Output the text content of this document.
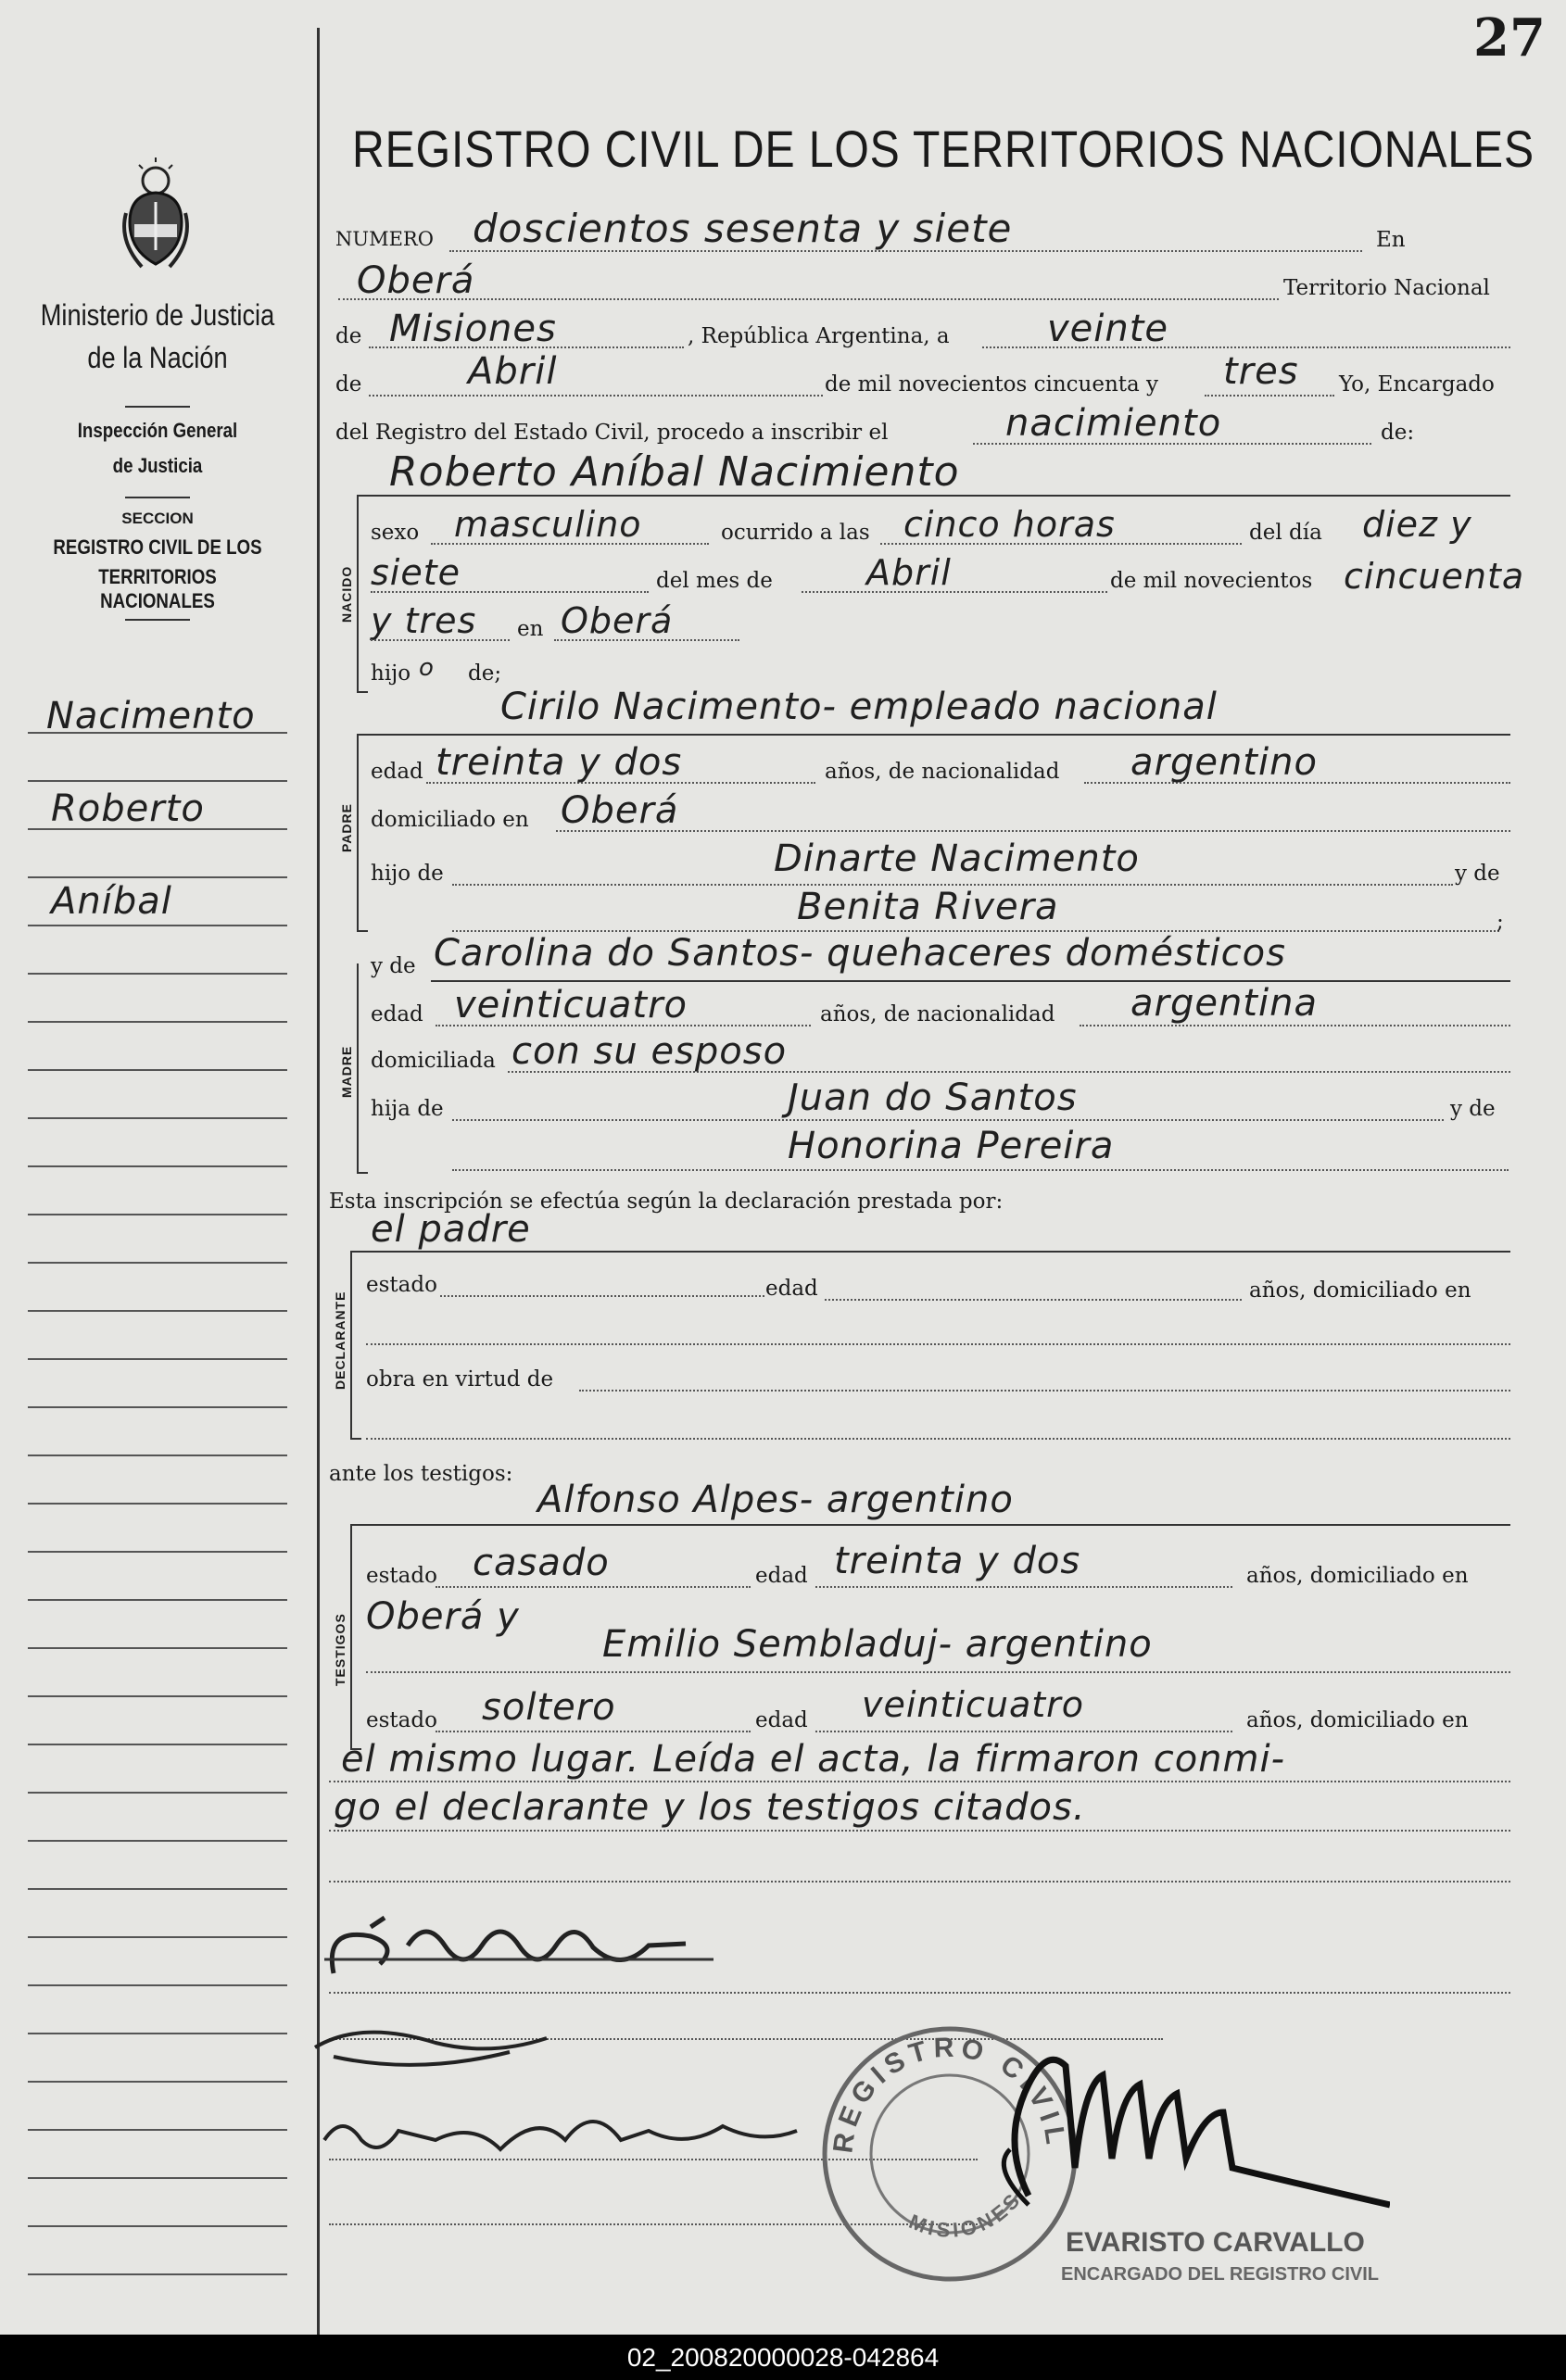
27
REGISTRO CIVIL DE LOS TERRITORIOS NACIONALES
Ministerio de Justicia
de la Nación
Inspección General
de Justicia
SECCION
REGISTRO CIVIL DE LOS
TERRITORIOS NACIONALES
Nacimento
Roberto
Aníbal
NUMERO doscientos sesenta y siete	En
Oberá	Territorio Nacional
de Misiones	, República Argentina, a	veinte
de	Abril	de mil novecientos cincuenta y tres Yo, Encargado
del Registro del Estado Civil, procedo a inscribir el	nacimiento	de:
Roberto Aníbal Nacimiento
NACIDO
sexo masculino	ocurrido a las cinco horas	del día diez y
siete	del mes de	Abril	de mil novecientos cincuenta
y tres en Oberá
hijo o de;
Cirilo Nacimento- empleado nacional
PADRE
edad treinta y dos	años, de nacionalidad argentino
domiciliado en Oberá
hijo de	Dinarte Nacimento	y de
Benita Rivera	;
MADRE
y de Carolina do Santos- quehaceres domésticos
edad veinticuatro	años, de nacionalidad argentina
domiciliada con su esposo
hija de	Juan do Santos	y de
Honorina Pereira
Esta inscripción se efectúa según la declaración prestada por:
el padre
DECLARANTE
estado	edad	años, domiciliado en
obra en virtud de
ante los testigos:
Alfonso Alpes- argentino
TESTIGOS
estado casado	edad treinta y dos	años, domiciliado en
Oberá y
Emilio Sembladuj- argentino
estado soltero	edad veinticuatro	años, domiciliado en
el mismo lugar. Leída el acta, la firmaron conmi-
go el declarante y los testigos citados.
REGISTRO CIVIL
MISIONES
EVARISTO CARVALLO
ENCARGADO DEL REGISTRO CIVIL
02_200820000028-042864
